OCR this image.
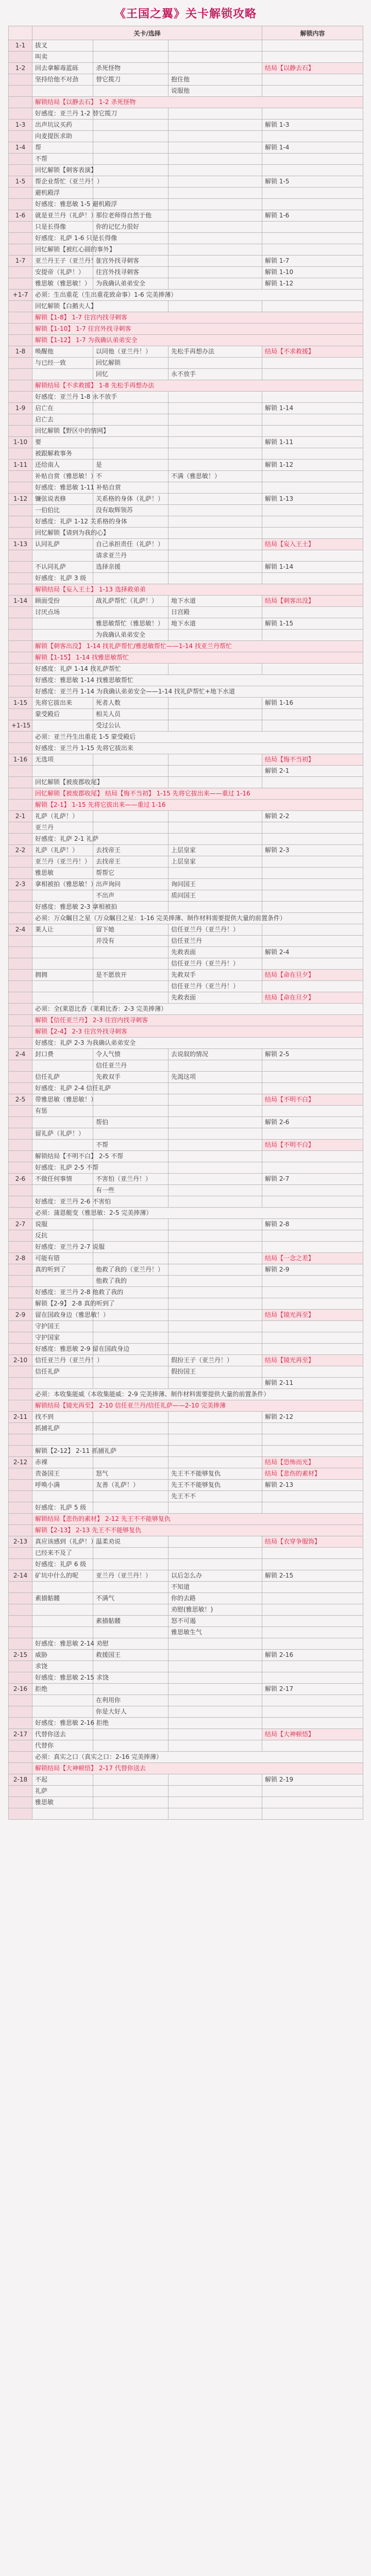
《王国之翼》关卡解锁攻略
	关卡/选择			解锁内容
1-1	拔叉			
	叫卖			
1-2	回去拿解毒蓝砾	杀死怪物		结局【以静去石】
	坚持给他不对劲	替它揽刀	抱住他	
			说服他	
	解锁结局【以静去石】 1-2 杀死怪物			
	好感度：亚兰丹 1-2 替它揽刀			
1-3	出声坑议买药			解锁 1-3
	向麦提医求助			
1-4	帮			解锁 1-4
	不帮			
	回忆解锁【刺客表演】			
1-5	帮企业帮忙（亚兰丹！）			解锁 1-5
	避机殿浮			
	好感度：雅思敏 1-5 避机殿浮			
1-6	就是亚兰丹（礼萨！）	那位老师得自然于他		解锁 1-6
	只是长得像	你的记忆力很好		
	好感度：礼萨 1-6 只是长得像			
	回忆解锁【被红心圆的事外】			
1-7	亚兰丹王子（亚兰丹！）	往宫外找寻刺客		解锁 1-7
	安提帝（礼萨！）	往宫外找寻刺客		解锁 1-10
	雅思敏（雅思敏！）	为我确认弟弟安全		解锁 1-12
+1-7	必须：生出重花（生出重花致命事）1-6 完美捧薄）			
	回忆解锁【白鹅夫人】			
	解锁【1-8】 1-7 往宫内找寻刺客			
	解锁【1-10】 1-7 往宫外找寻刺客			
	解锁【1-12】 1-7 为我确认弟弟安全			
1-8	唤醒他	以同他（亚兰丹！）	先松手再想办法	结局【不求救援】
	与已经一致	回忆解锁		
		回忆	永不放手	
	解锁结局【不求救援】 1-8 先松手再想办法			
	好感度：亚兰丹 1-8 永不放手			
1-9	启亡在			解锁 1-14
	启亡去			
	回忆解锁【野区中的情网】			
1-10	要			解锁 1-11
	被跟解救事务			
1-11	还给南人	是		解锁 1-12
	补贴自赏（雅思敏！）	不	不满（雅思敏！）	
	好感度：雅思敏 1-11 补贴自赏			
1-12	镰弦说表修	关系格的身体（礼萨！）		解锁 1-13
	一伯伯比	没有取辉领苏		
	好感度：礼萨 1-12 关系格的身体			
	回忆解锁【请到为我的心】			
1-13	认同礼萨	自己承担责任（礼萨！）		结局【妄入王土】
		请求亚兰丹		
	不认同礼萨	选择亲援		解锁 1-14
	好感度：礼萨 3 级			
	解锁结局【妄入王土】 1-13 选择救弟弟			
1-14	顾面受扮	战礼萨帮忙（礼萨！）	地下水道	结局【刺客出没】
	讨厌点场		日宫殿	
		雅思敏帮忙（雅思敏！）	地下水道	解锁 1-15
		为我确认弟弟安全		
	解锁【刺客出没】 1-14 找礼萨帮忙/雅思敏帮忙——1-14 找亚兰丹帮忙			
	解锁【1-15】 1-14 找雅思敏帮忙			
	好感度：礼萨 1-14 找礼萨帮忙			
	好感度：雅思敏 1-14 找雅思敏帮忙			
	好感度：亚兰丹 1-14 为我确认弟弟安全——1-14 找礼萨帮忙+地下水道			
1-15	先将它拔出来	死者人数		解锁 1-16
	蒙受殿后	相关人员		
+1-15		受过公认		
	必须：亚兰丹生出重花 1-5 蒙受殿后			
	好感度：亚兰丹 1-15 先将它拔出来			
1-16	无选项			结局【悔不当初】
				解锁 2-1
	回忆解锁【被废郡收尾】			
	回忆解锁【被废郡收尾】 结局【悔不当初】 1-15 先将它拔出来——重过 1-16			
	解锁【2-1】 1-15 先将它拔出来——重过 1-16			
2-1	礼萨（礼萨！）			解锁 2-2
	亚兰丹			
	好感度：礼萨 2-1 礼萨			
2-2	礼萨（礼萨！）	去找帝王	上层皇家	解锁 2-3
	亚兰丹（亚兰丹！）	去找帝王	上层皇家	
	雅思敏	帮帮它		
2-3	拿相被拍（雅思敏！）	出声询问	询问国王	
		不出声	质问国王	
	好感度：雅思敏 2-3 拿相被拍			
	必须：万众瞩目之星（万众瞩目之星：1-16 完美捧薄、制作材料需要提供大量的前置条件）			
2-4	莱人让	留下她	信任亚兰丹（亚兰丹！）	
		并没有	信任亚兰丹	
			先救表面	解锁 2-4
			信任亚兰丹（亚兰丹！）	
	拥拥	是不愿放开	先救双手	结局【命在旦夕】
			信任亚兰丹（亚兰丹！）	
			先救表面	结局【命在旦夕】
	必须：全(莱恩比香（莱莉比香：2-3 完美捧薄）			
	解锁【信任亚兰丹】 2-3 往宫内找寻刺客			
	解锁【2-4】 2-3 往宫外找寻刺客			
	好感度：礼萨 2-3 为我确认弟弟安全			
2-4	封口费	令人气愤	去说叙的情况	解锁 2-5
		信任亚兰丹		
	信任礼萨	先救双手	先渴这项	
	好感度：礼萨 2-4 信任礼萨			
2-5	带雅思敏（雅思敏！）			结局【不明不白】
	有惩			
		帮伯		解锁 2-6
	留礼萨（礼萨！）			
		不帮		结局【不明不白】
	解锁结局【不明不白】 2-5 不帮			
	好感度：礼萨 2-5 不帮			
2-6	不做任何事情	不害怕（亚兰丹！）		解锁 2-7
		有一些		
	好感度：亚兰丹 2-6 不害怕			
	必须：蒲恩艇变（雅思敏：2-5 完美捧薄）			
2-7	说服			解锁 2-8
	反抗			
	好感度：亚兰丹 2-7 说服			
2-8	可能有错			结局【一念之差】
	真的听到了	他救了我的（亚兰丹！）		解锁 2-9
		他救了我的		
	好感度：亚兰丹 2-8 他救了我的			
	解锁【2-9】 2-8 真的听到了			
2-9	留在国政身边（雅思敏！）			结局【镜光再至】
	守护国王			
	守护国家			
	好感度：雅思敏 2-9 留在国政身边			
2-10	信任亚兰丹（亚兰丹！）		假扮王子（亚兰丹！）	结局【镜光再至】
	信任礼萨		假扮国王	
				解锁 2-11
	必须：本收集能威（本收集能威：2-9 完美捧薄、制作材料需要提供大量的前置条件）			
	解锁结局【镜光再至】 2-10 信任亚兰丹/信任礼萨——2-10 完美捧薄			
2-11	找不到			解锁 2-12
	抓捕礼萨			

	解锁【2-12】 2-11 抓捕礼萨			
2-12	赤裸			结局【恐怖而光】
	责备国王	怒气	先王不不能够复仇	结局【悲伤的素材】
	呼唤小满	友善（礼萨！）	先王不不能够复仇	解锁 2-13
			先王不不	
	好感度：礼萨 5 级			
	解锁结局【悲伤的素材】 2-12 先王不不能够复仇			
	解锁【2-13】 2-13 先王不不能够复仇			
2-13	真应该感到（礼萨！）	温柔劝说		结局【衣穿争服饰】
	已经来不及了			
	好感度：礼萨 6 级			
2-14	矿坑中什么的呢	亚兰丹（亚兰丹！）	以后怎么办	解锁 2-15
			不知道	
	素描骷髅	不满气	你的去路	
			劝慰(雅思敏！)	
		素描骷髅	怒不可遏	
			雅思敏生气	
	好感度：雅思敏 2-14 劝慰			
2-15	威胁	救援国王		解锁 2-16
	求饶			
	好感度：雅思敏 2-15 求饶			
2-16	拒绝			解锁 2-17
		在利用你		
		你是大好人		
	好感度：雅思敏 2-16 拒绝			
2-17	代替你送去			结局【大神顿悟】
	代替你			
	必须：真实之口（真实之口：2-16 完美捧薄）			
	解锁结局【大神顿悟】 2-17 代替你送去			
2-18	不起			解锁 2-19
	礼萨			
	雅思敏			
